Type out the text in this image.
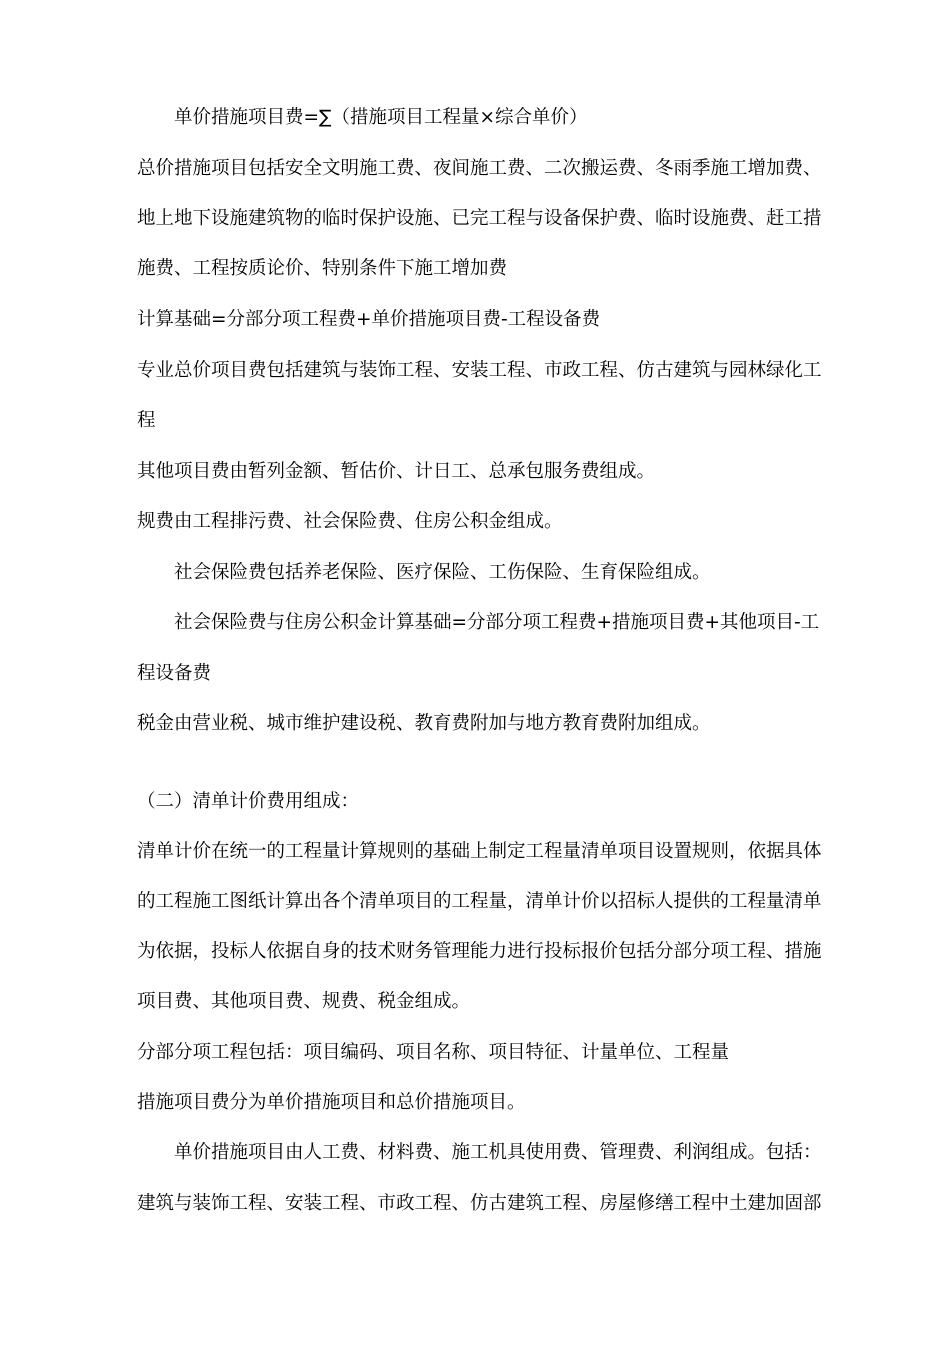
单价措施项目费=∑（措施项目工程量×综合单价）
总价措施项目包括安全文明施工费、夜间施工费、二次搬运费、冬雨季施工增加费、
地上地下设施建筑物的临时保护设施、已完工程与设备保护费、临时设施费、赶工措
施费、工程按质论价、特别条件下施工增加费
计算基础=分部分项工程费+单价措施项目费-工程设备费
专业总价项目费包括建筑与装饰工程、安装工程、市政工程、仿古建筑与园林绿化工
程
其他项目费由暂列金额、暂估价、计日工、总承包服务费组成。
规费由工程排污费、社会保险费、住房公积金组成。
社会保险费包括养老保险、医疗保险、工伤保险、生育保险组成。
社会保险费与住房公积金计算基础=分部分项工程费+措施项目费+其他项目-工
程设备费
税金由营业税、城市维护建设税、教育费附加与地方教育费附加组成。
（二）清单计价费用组成：
清单计价在统一的工程量计算规则的基础上制定工程量清单项目设置规则，依据具体
的工程施工图纸计算出各个清单项目的工程量，清单计价以招标人提供的工程量清单
为依据，投标人依据自身的技术财务管理能力进行投标报价包括分部分项工程、措施
项目费、其他项目费、规费、税金组成。
分部分项工程包括：项目编码、项目名称、项目特征、计量单位、工程量
措施项目费分为单价措施项目和总价措施项目。
单价措施项目由人工费、材料费、施工机具使用费、管理费、利润组成。包括：
建筑与装饰工程、安装工程、市政工程、仿古建筑工程、房屋修缮工程中土建加固部
